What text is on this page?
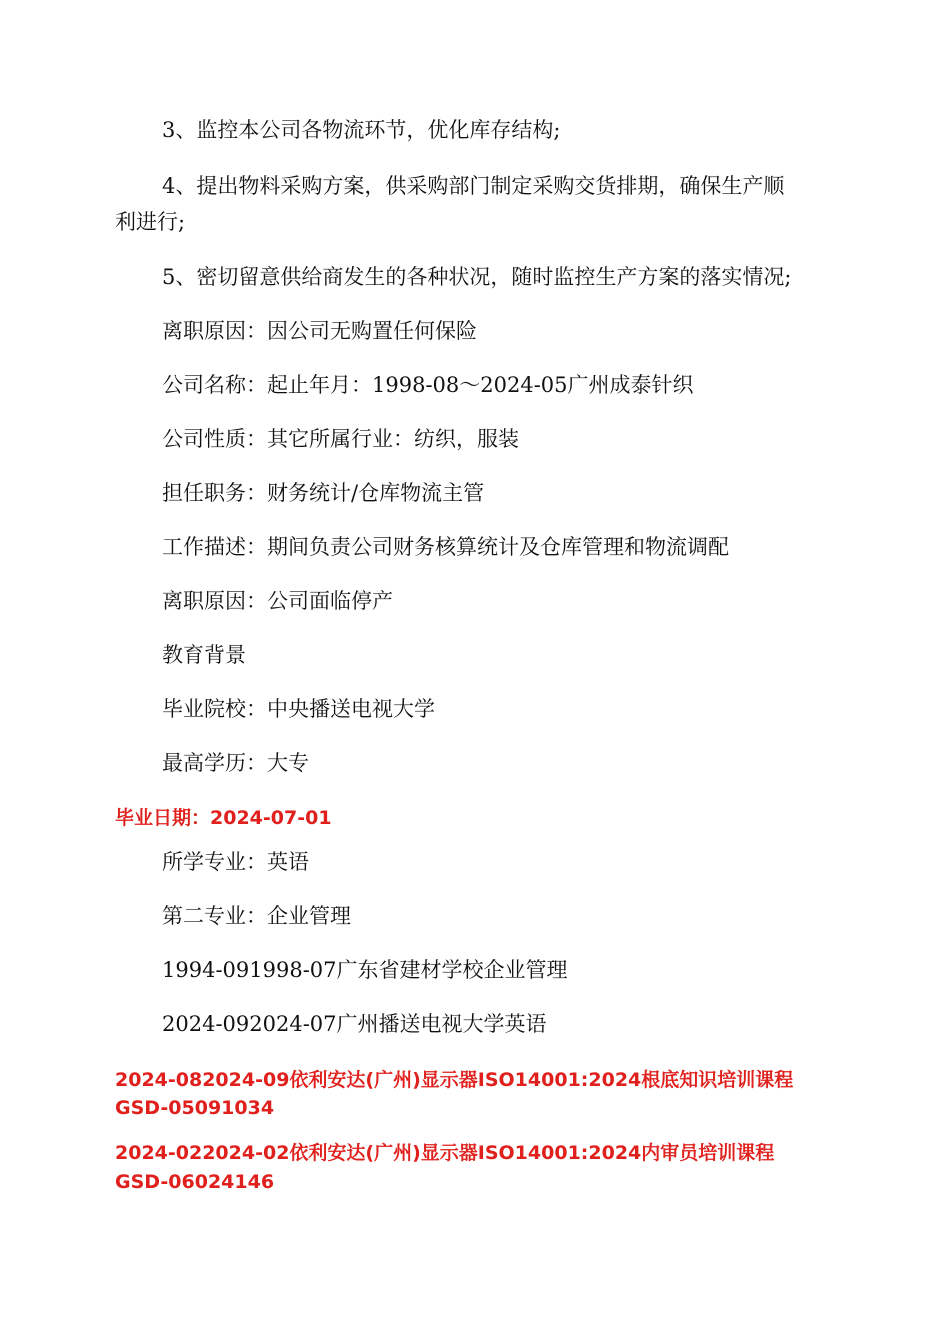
3、监控本公司各物流环节，优化库存结构;
4、提出物料采购方案，供采购部门制定采购交货排期，确保生产顺
利进行;
5、密切留意供给商发生的各种状况，随时监控生产方案的落实情况;
离职原因：因公司无购置任何保险
公司名称：起止年月：1998-08～2024-05广州成泰针织
公司性质：其它所属行业：纺织，服装
担任职务：财务统计/仓库物流主管
工作描述：期间负责公司财务核算统计及仓库管理和物流调配
离职原因：公司面临停产
教育背景
毕业院校：中央播送电视大学
最高学历：大专
毕业日期：2024-07-01
所学专业：英语
第二专业：企业管理
1994-091998-07广东省建材学校企业管理
2024-092024-07广州播送电视大学英语
2024-082024-09依利安达(广州)显示器ISO14001:2024根底知识培训课程
GSD-05091034
2024-022024-02依利安达(广州)显示器ISO14001:2024内审员培训课程
GSD-06024146
